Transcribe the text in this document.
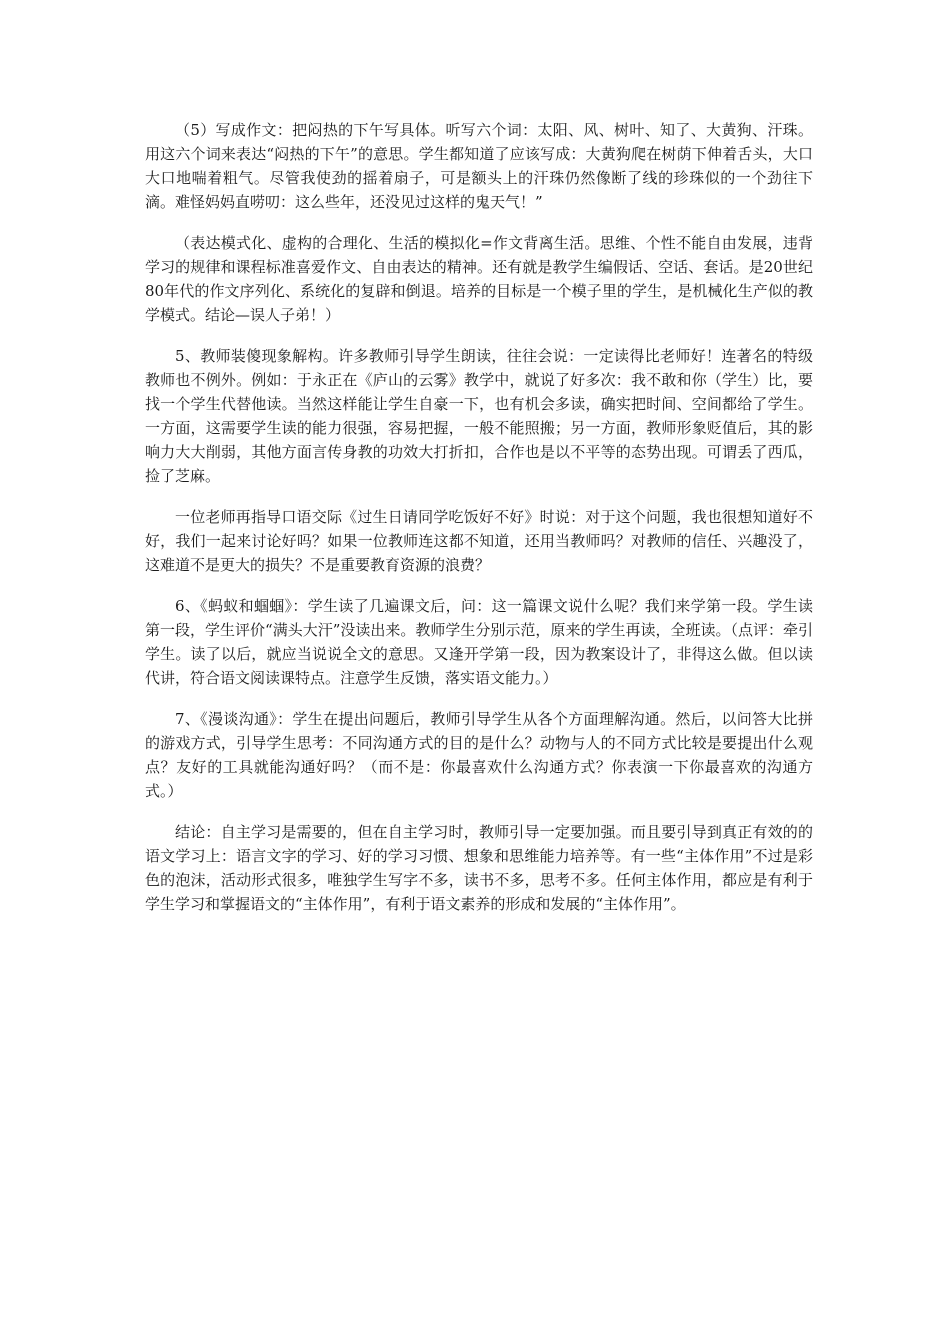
（5）写成作文：把闷热的下午写具体。听写六个词：太阳、风、树叶、知了、大黄狗、汗珠。用这六个词来表达“闷热的下午”的意思。学生都知道了应该写成：大黄狗爬在树荫下伸着舌头，大口大口地喘着粗气。尽管我使劲的摇着扇子，可是额头上的汗珠仍然像断了线的珍珠似的一个劲往下滴。难怪妈妈直唠叨：这么些年，还没见过这样的鬼天气！”

（表达模式化、虚构的合理化、生活的模拟化=作文背离生活。思维、个性不能自由发展，违背学习的规律和课程标准喜爱作文、自由表达的精神。还有就是教学生编假话、空话、套话。是20世纪80年代的作文序列化、系统化的复辟和倒退。培养的目标是一个模子里的学生，是机械化生产似的教学模式。结论—误人子弟！）

5、教师装傻现象解构。许多教师引导学生朗读，往往会说：一定读得比老师好！连著名的特级教师也不例外。例如：于永正在《庐山的云雾》教学中，就说了好多次：我不敢和你（学生）比，要找一个学生代替他读。当然这样能让学生自豪一下，也有机会多读，确实把时间、空间都给了学生。一方面，这需要学生读的能力很强，容易把握，一般不能照搬；另一方面，教师形象贬值后，其的影响力大大削弱，其他方面言传身教的功效大打折扣，合作也是以不平等的态势出现。可谓丢了西瓜，捡了芝麻。

一位老师再指导口语交际《过生日请同学吃饭好不好》时说：对于这个问题，我也很想知道好不好，我们一起来讨论好吗？如果一位教师连这都不知道，还用当教师吗？对教师的信任、兴趣没了，这难道不是更大的损失？不是重要教育资源的浪费？

6、《蚂蚁和蝈蝈》：学生读了几遍课文后，问：这一篇课文说什么呢？我们来学第一段。学生读第一段，学生评价“满头大汗”没读出来。教师学生分别示范，原来的学生再读，全班读。（点评：牵引学生。读了以后，就应当说说全文的意思。又逢开学第一段，因为教案设计了，非得这么做。但以读代讲，符合语文阅读课特点。注意学生反馈，落实语文能力。）

7、《漫谈沟通》：学生在提出问题后，教师引导学生从各个方面理解沟通。然后，以问答大比拼的游戏方式，引导学生思考：不同沟通方式的目的是什么？动物与人的不同方式比较是要提出什么观点？友好的工具就能沟通好吗？（而不是：你最喜欢什么沟通方式？你表演一下你最喜欢的沟通方式。）

结论：自主学习是需要的，但在自主学习时，教师引导一定要加强。而且要引导到真正有效的的语文学习上：语言文字的学习、好的学习习惯、想象和思维能力培养等。有一些“主体作用”不过是彩色的泡沫，活动形式很多，唯独学生写字不多，读书不多，思考不多。任何主体作用，都应是有利于学生学习和掌握语文的“主体作用”，有利于语文素养的形成和发展的“主体作用”。
